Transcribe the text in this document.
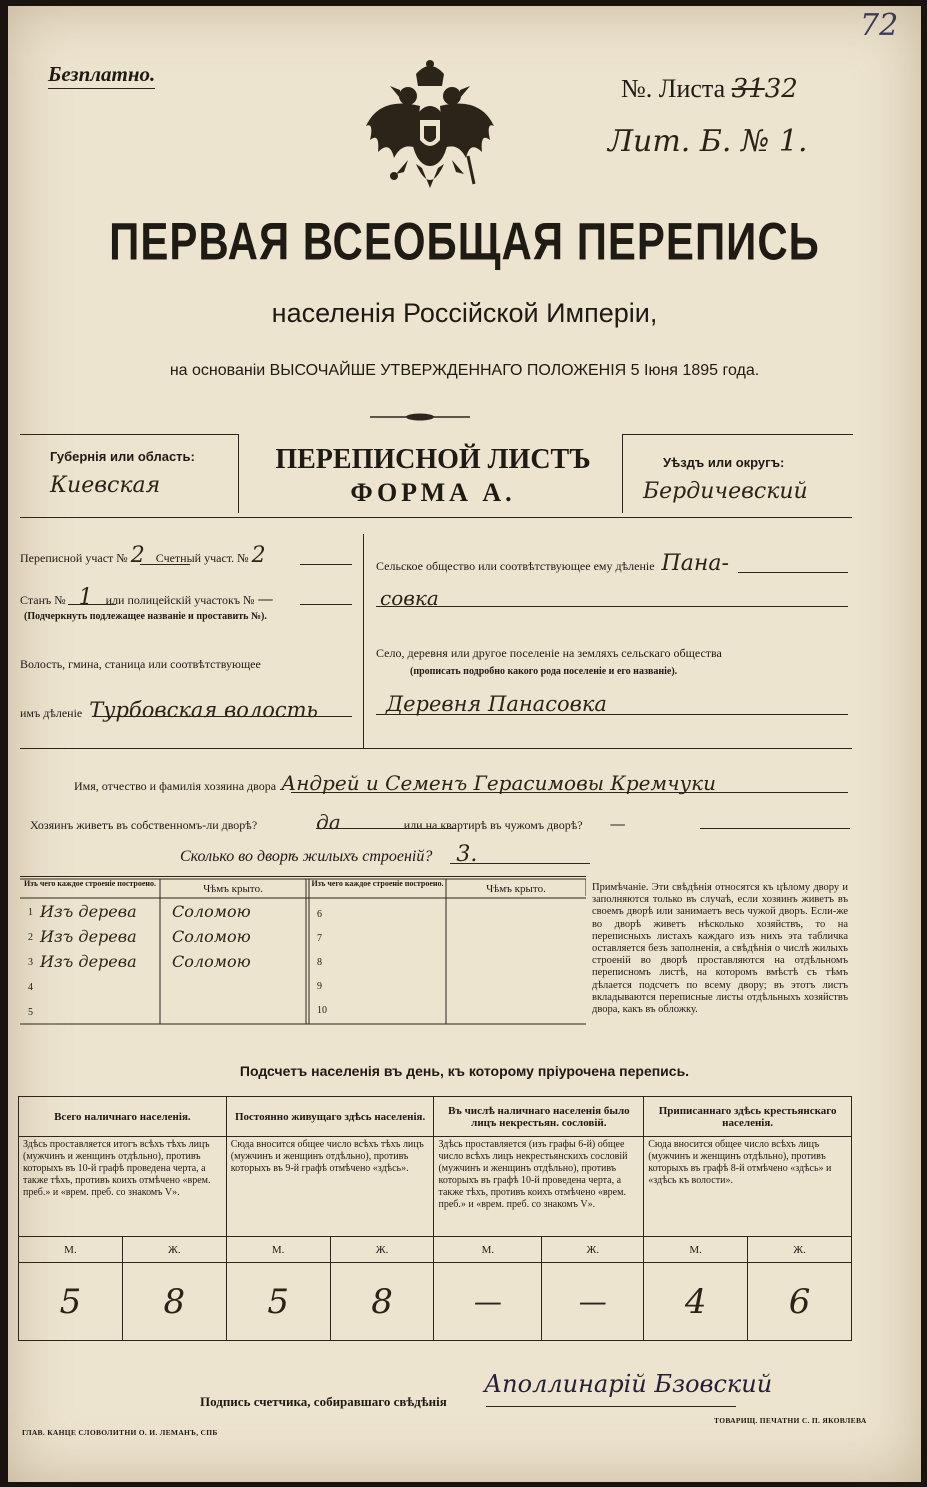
72
Безплатно.	№. Листа 3132
Лит. Б. № 1.
ПЕРВАЯ ВСЕОБЩАЯ ПЕРЕПИСЬ
населенія Россійской Имперіи,
на основаніи ВЫСОЧАЙШЕ УТВЕРЖДЕННАГО ПОЛОЖЕНІЯ 5 Іюня 1895 года.
Губернія или область:
Киевская
ПЕРЕПИСНОЙ ЛИСТЪ
ФОРМА А.
Уѣздъ или округъ:
Бердичевский
Переписной участ № 2 Счетный участ. № 2
Станъ № 1 или полицейскій участокъ № —
(Подчеркнуть подлежащее названіе и проставить №).
Волость, гмина, станица или соотвѣтствующее
имъ дѣленіе Турбовская волость
Сельское общество или соотвѣтствующее ему дѣленіе Пана-
совка
Село, деревня или другое поселеніе на земляхъ сельскаго общества
(прописать подробно какого рода поселеніе и его названіе).
Деревня Панасовка
Имя, отчество и фамилія хозяина двора Андрей и Семенъ Герасимовы Кремчуки
Хозяинъ живетъ въ собственномъ-ли дворѣ?	да	или на квартирѣ въ чужомъ дворѣ? —
Сколько во дворѣ жилыхъ строеній? 3.
Изъ чего каждое строеніе построено.	Чѣмъ крыто.	Изъ чего каждое строеніе построено.	Чѣмъ крыто.
1 Изъ дерева Соломою
2 Изъ дерева Соломою
3 Изъ дерева Соломою
4
5
6
7
8
9
10
Примѣчаніе. Эти свѣдѣнія относятся къ цѣлому двору и заполняются только въ случаѣ, если хозяинъ живетъ въ своемъ дворѣ или занимаетъ весь чужой дворъ. Если-же во дворѣ живетъ нѣсколько хозяйствъ, то на переписныхъ листахъ каждаго изъ нихъ эта табличка оставляется безъ заполненія, а свѣдѣнія о числѣ жилыхъ строеній во дворѣ проставляются на отдѣльномъ переписномъ листѣ, на которомъ вмѣстѣ съ тѣмъ дѣлается подсчетъ по всему двору; въ этотъ листъ вкладываются переписные листы отдѣльныхъ хозяйствъ двора, какъ въ обложку.
Подсчетъ населенія въ день, къ которому пріурочена перепись.
Всего наличнаго населенія.		Постоянно живущаго здѣсь населенія.		Въ числѣ наличнаго населенія было лицъ некрестьян. сословій.		Приписаннаго здѣсь крестьянскаго населенія.	
Здѣсь проставляется итогъ всѣхъ тѣхъ лицъ (мужчинъ и женщинъ отдѣльно), противъ которыхъ въ 10-й графѣ проведена черта, а также тѣхъ, противъ коихъ отмѣчено «врем. преб.» и «врем. преб. со знакомъ V».		Сюда вносится общее число всѣхъ тѣхъ лицъ (мужчинъ и женщинъ отдѣльно), противъ которыхъ въ 9-й графѣ отмѣчено «здѣсь».		Здѣсь проставляется (изъ графы 6-й) общее число всѣхъ лицъ некрестьянскихъ сословій (мужчинъ и женщинъ отдѣльно), противъ которыхъ въ графѣ 10-й проведена черта, а также тѣхъ, противъ коихъ отмѣчено «врем. преб.» и «врем. преб. со знакомъ V».		Сюда вносится общее число всѣхъ лицъ (мужчинъ и женщинъ отдѣльно), противъ которыхъ въ графѣ 8-й отмѣчено «здѣсь» и «здѣсь къ волости».	
М.	Ж.	М.	Ж.	М.	Ж.	М.	Ж.
5	8	5	8	—	—	4	6
Подпись счетчика, собиравшаго свѣдѣнія
Аполлинарій Бзовский
ГЛАВ. КАНЦЕ СЛОВОЛИТНИ О. И. ЛЕМАНЪ, СПБ
ТОВАРИЩ. ПЕЧАТНИ С. П. ЯКОВЛЕВА
